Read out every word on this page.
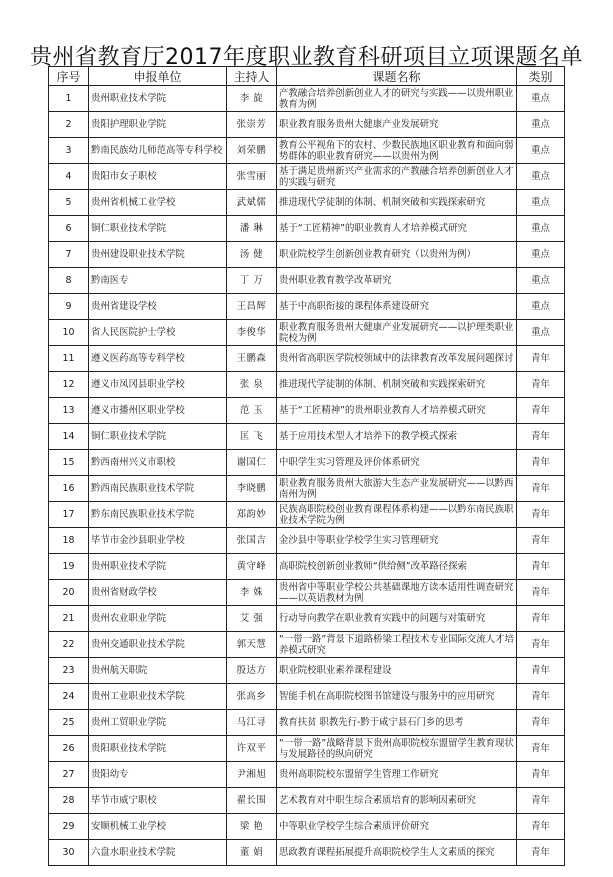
贵州省教育厅2017年度职业教育科研项目立项课题名单
序号	申报单位	主持人	课题名称	类别
1	贵州职业技术学院	李 旋	产教融合培养创新创业人才的研究与实践——以贵州职业教育为例	重点
2	贵阳护理职业学院	张崇芳	职业教育服务贵州大健康产业发展研究	重点
3	黔南民族幼儿师范高等专科学校	刘荣鹏	教育公平视角下的农村、少数民族地区职业教育和面向弱势群体的职业教育研究——以贵州为例	重点
4	贵阳市女子职校	张雪丽	基于满足贵州新兴产业需求的产教融合培养创新创业人才的实践与研究	重点
5	贵州省机械工业学校	武斌儒	推进现代学徒制的体制、机制突破和实践探索研究	重点
6	铜仁职业技术学院	潘 琳	基于“工匠精神”的职业教育人才培养模式研究	重点
7	贵州建设职业技术学院	汤 健	职业院校学生创新创业教育研究（以贵州为例）	重点
8	黔南医专	丁 万	贵州职业教育教学改革研究	重点
9	贵州省建设学校	王昌辉	基于中高职衔接的课程体系建设研究	重点
10	省人民医院护士学校	李俊华	职业教育服务贵州大健康产业发展研究——以护理类职业院校为例	重点
11	遵义医药高等专科学校	王鹏森	贵州省高职医学院校领域中的法律教育改革发展问题探讨	青年
12	遵义市凤冈县职业学校	张 泉	推进现代学徒制的体制、机制突破和实践探索研究	青年
13	遵义市播州区职业学校	范 玉	基于“工匠精神”的贵州职业教育人才培养模式研究	青年
14	铜仁职业技术学院	匡 飞	基于应用技术型人才培养下的教学模式探索	青年
15	黔西南州兴义市职校	谢国仁	中职学生实习管理及评价体系研究	青年
16	黔西南民族职业技术学院	李晓鹏	职业教育服务贵州大旅游大生态产业发展研究——以黔西南州为例	青年
17	黔东南民族职业技术学院	郑韵妙	民族高职院校创业教育课程体系构建——以黔东南民族职业技术学院为例	青年
18	毕节市金沙县职业学校	张国吉	金沙县中等职业学校学生实习管理研究	青年
19	贵州职业技术学院	黄守峰	高职院校创新创业教师“供给侧”改革路径探索	青年
20	贵州省财政学校	李 姝	贵州省中等职业学校公共基础课地方读本适用性调查研究——以英语教材为例	青年
21	贵州农业职业学院	艾 强	行动导向教学在职业教育实践中的问题与对策研究	青年
22	贵州交通职业技术学院	郭天慧	“一带一路”背景下道路桥梁工程技术专业国际交流人才培养模式研究	青年
23	贵州航天职院	殷达方	职业院校职业素养课程建设	青年
24	贵州工业职业技术学院	张高乡	智能手机在高职院校图书馆建设与服务中的应用研究	青年
25	贵州工贸职业学院	马江寻	教育扶贫 职教先行-黔于咸宁县石门乡的思考	青年
26	贵阳职业技术学院	许双平	“一带一路”战略背景下贵州高职院校东盟留学生教育现状与发展路径的纵向研究	青年
27	贵阳幼专	尹湘旭	贵州高职院校东盟留学生管理工作研究	青年
28	毕节市威宁职校	翟长围	艺术教育对中职生综合素质培育的影响因素研究	青年
29	安顺机械工业学校	梁 艳	中等职业学校学生综合素质评价研究	青年
30	六盘水职业技术学院	董 娟	思政教育课程拓展提升高职院校学生人文素质的探究	青年
